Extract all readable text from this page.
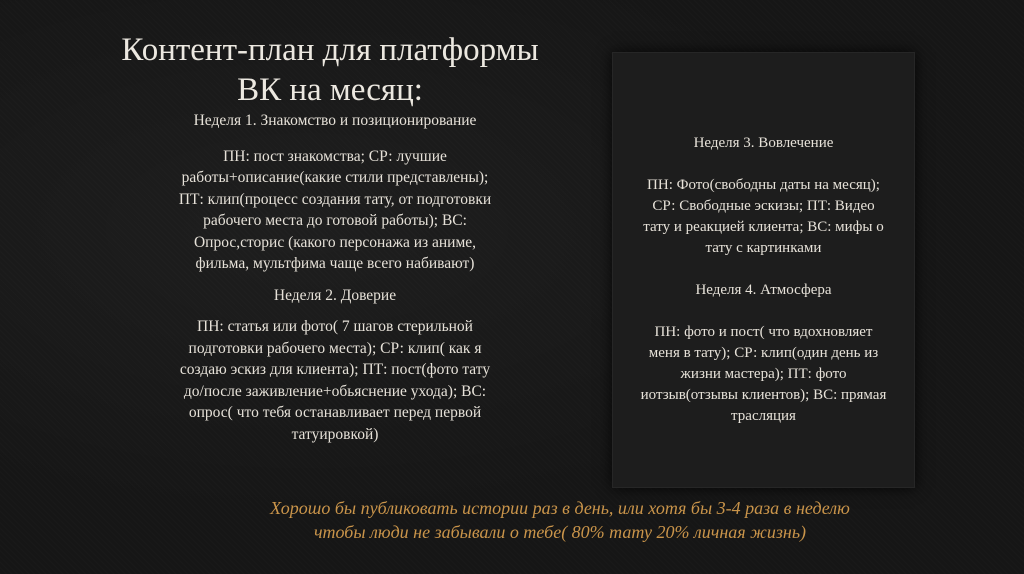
Контент-план для платформы
ВК на месяц:

Неделя 1. Знакомство и позиционирование

ПН: пост знакомства; СР: лучшие

работы+описание(какие стили представлены);

ПТ: клип(процесс создания тату, от подготовки

рабочего места до готовой работы); ВС:

Опрос,сторис (какого персонажа из аниме,

фильма, мультфима чаще всего набивают)

Неделя 2. Доверие

ПН: статья или фото( 7 шагов стерильной

подготовки рабочего места); СР: клип( как я

создаю эскиз для клиента); ПТ: пост(фото тату

до/после заживление+обьяснение ухода); ВС:

опрос( что тебя останавливает перед первой

татуировкой)

Неделя 3. Вовлечение

ПН: Фото(свободны даты на месяц);

СР: Свободные эскизы; ПТ: Видео

тату и реакцией клиента; ВС: мифы о

тату с картинками

Неделя 4. Атмосфера

ПН: фото и пост( что вдохновляет

меня в тату); СР: клип(один день из

жизни мастера); ПТ: фото

иотзыв(отзывы клиентов); ВС: прямая

трасляция

Хорошо бы публиковать истории раз в день, или хотя бы 3-4 раза в неделю
чтобы люди не забывали о тебе( 80% тату 20% личная жизнь)
